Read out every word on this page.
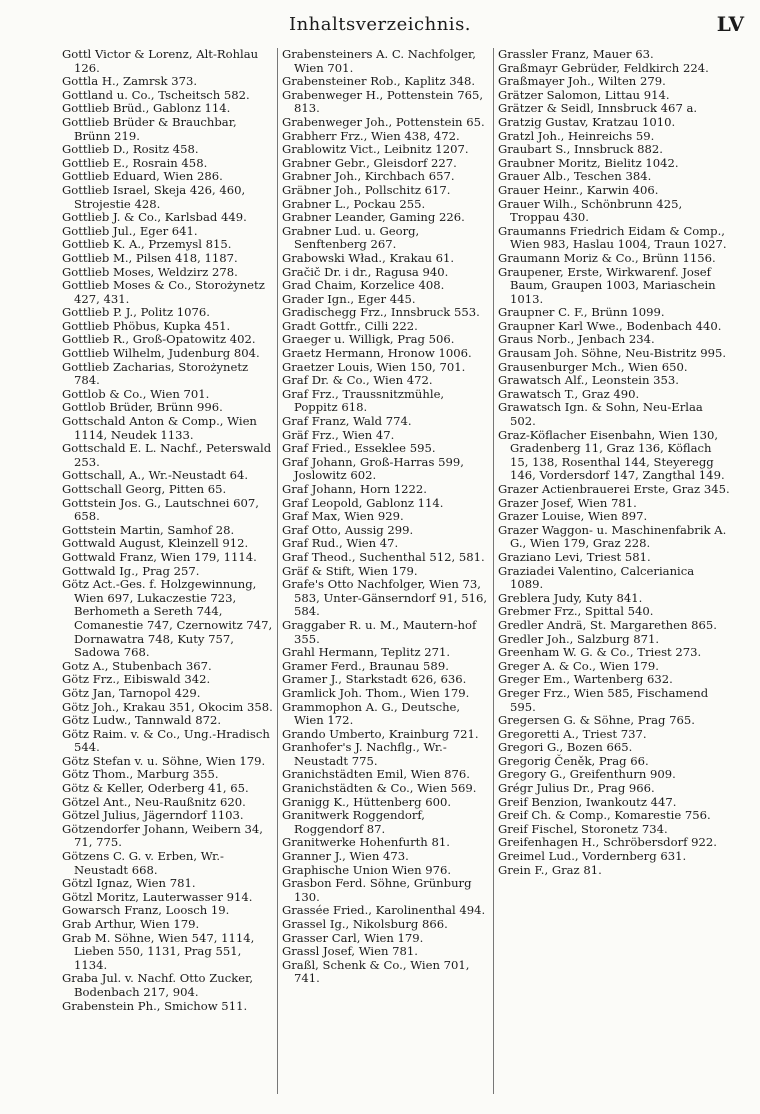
Inhaltsverzeichnis.	LV

Gottl Victor & Lorenz, Alt-Rohlau 126.

Gottla H., Zamrsk 373.

Gottland u. Co., Tscheitsch 582.

Gottlieb Brüd., Gablonz 114.

Gottlieb Brüder & Brauchbar, Brünn 219.

Gottlieb D., Rositz 458.

Gottlieb E., Rosrain 458.

Gottlieb Eduard, Wien 286.

Gottlieb Israel, Skeja 426, 460, Strojestie 428.

Gottlieb J. & Co., Karlsbad 449.

Gottlieb Jul., Eger 641.

Gottlieb K. A., Przemysl 815.

Gottlieb M., Pilsen 418, 1187.

Gottlieb Moses, Weldzirz 278.

Gottlieb Moses & Co., Storożynetz 427, 431.

Gottlieb P. J., Politz 1076.

Gottlieb Phöbus, Kupka 451.

Gottlieb R., Groß-Opatowitz 402.

Gottlieb Wilhelm, Judenburg 804.

Gottlieb Zacharias, Storożynetz 784.

Gottlob & Co., Wien 701.

Gottlob Brüder, Brünn 996.

Gottschald Anton & Comp., Wien 1114, Neudek 1133.

Gottschald E. L. Nachf., Peterswald 253.

Gottschall, A., Wr.-Neustadt 64.

Gottschall Georg, Pitten 65.

Gottstein Jos. G., Lautschnei 607, 658.

Gottstein Martin, Samhof 28.

Gottwald August, Kleinzell 912.

Gottwald Franz, Wien 179, 1114.

Gottwald Ig., Prag 257.

Götz Act.-Ges. f. Holzgewinnung, Wien 697, Lukaczestie 723, Berhometh a Sereth 744, Comanestie 747, Czernowitz 747, Dornawatra 748, Kuty 757, Sadowa 768.

Gotz A., Stubenbach 367.

Götz Frz., Eibiswald 342.

Götz Jan, Tarnopol 429.

Götz Joh., Krakau 351, Okocim 358.

Götz Ludw., Tannwald 872.

Götz Raim. v. & Co., Ung.-Hradisch 544.

Götz Stefan v. u. Söhne, Wien 179.

Götz Thom., Marburg 355.

Götz & Keller, Oderberg 41, 65.

Götzel Ant., Neu-Raußnitz 620.

Götzel Julius, Jägerndorf 1103.

Götzendorfer Johann, Weibern 34, 71, 775.

Götzens C. G. v. Erben, Wr.-Neustadt 668.

Götzl Ignaz, Wien 781.

Götzl Moritz, Lauterwasser 914.

Gowarsch Franz, Loosch 19.

Grab Arthur, Wien 179.

Grab M. Söhne, Wien 547, 1114, Lieben 550, 1131, Prag 551, 1134.

Graba Jul. v. Nachf. Otto Zucker, Bodenbach 217, 904.

Grabenstein Ph., Smichow 511.

Grabensteiners A. C. Nachfolger, Wien 701.

Grabensteiner Rob., Kaplitz 348.

Grabenweger H., Pottenstein 765, 813.

Grabenweger Joh., Pottenstein 65.

Grabherr Frz., Wien 438, 472.

Grablowitz Vict., Leibnitz 1207.

Grabner Gebr., Gleisdorf 227.

Grabner Joh., Kirchbach 657.

Gräbner Joh., Pollschitz 617.

Grabner L., Pockau 255.

Grabner Leander, Gaming 226.

Grabner Lud. u. Georg, Senftenberg 267.

Grabowski Wład., Krakau 61.

Gračič Dr. i dr., Ragusa 940.

Grad Chaim, Korzelice 408.

Grader Ign., Eger 445.

Gradischegg Frz., Innsbruck 553.

Gradt Gottfr., Cilli 222.

Graeger u. Willigk, Prag 506.

Graetz Hermann, Hronow 1006.

Graetzer Louis, Wien 150, 701.

Graf Dr. & Co., Wien 472.

Graf Frz., Traussnitzmühle, Poppitz 618.

Graf Franz, Wald 774.

Gräf Frz., Wien 47.

Graf Fried., Esseklee 595.

Graf Johann, Groß-Harras 599, Joslowitz 602.

Graf Johann, Horn 1222.

Graf Leopold, Gablonz 114.

Graf Max, Wien 929.

Graf Otto, Aussig 299.

Graf Rud., Wien 47.

Graf Theod., Suchenthal 512, 581.

Gräf & Stift, Wien 179.

Grafe's Otto Nachfolger, Wien 73, 583, Unter-Gänserndorf 91, 516, 584.

Graggaber R. u. M., Mautern-hof 355.

Grahl Hermann, Teplitz 271.

Gramer Ferd., Braunau 589.

Gramer J., Starkstadt 626, 636.

Gramlick Joh. Thom., Wien 179.

Grammophon A. G., Deutsche, Wien 172.

Grando Umberto, Krainburg 721.

Granhofer's J. Nachflg., Wr.-Neustadt 775.

Granichstädten Emil, Wien 876.

Granichstädten & Co., Wien 569.

Granigg K., Hüttenberg 600.

Granitwerk Roggendorf, Roggendorf 87.

Granitwerke Hohenfurth 81.

Granner J., Wien 473.

Graphische Union Wien 976.

Grasbon Ferd. Söhne, Grünburg 130.

Grassée Fried., Karolinenthal 494.

Grassel Ig., Nikolsburg 866.

Grasser Carl, Wien 179.

Grassl Josef, Wien 781.

Graßl, Schenk & Co., Wien 701, 741.

Grassler Franz, Mauer 63.

Graßmayr Gebrüder, Feldkirch 224.

Graßmayer Joh., Wilten 279.

Grätzer Salomon, Littau 914.

Grätzer & Seidl, Innsbruck 467 a.

Gratzig Gustav, Kratzau 1010.

Gratzl Joh., Heinreichs 59.

Graubart S., Innsbruck 882.

Graubner Moritz, Bielitz 1042.

Grauer Alb., Teschen 384.

Grauer Heinr., Karwin 406.

Grauer Wilh., Schönbrunn 425, Troppau 430.

Graumanns Friedrich Eidam & Comp., Wien 983, Haslau 1004, Traun 1027.

Graumann Moriz & Co., Brünn 1156.

Graupener, Erste, Wirkwarenf. Josef Baum, Graupen 1003, Mariaschein 1013.

Graupner C. F., Brünn 1099.

Graupner Karl Wwe., Bodenbach 440.

Graus Norb., Jenbach 234.

Grausam Joh. Söhne, Neu-Bistritz 995.

Grausenburger Mch., Wien 650.

Grawatsch Alf., Leonstein 353.

Grawatsch T., Graz 490.

Grawatsch Ign. & Sohn, Neu-Erlaa 502.

Graz-Köflacher Eisenbahn, Wien 130, Gradenberg 11, Graz 136, Köflach 15, 138, Rosenthal 144, Steyeregg 146, Vordersdorf 147, Zangthal 149.

Grazer Actienbrauerei Erste, Graz 345.

Grazer Josef, Wien 781.

Grazer Louise, Wien 897.

Grazer Waggon- u. Maschinenfabrik A. G., Wien 179, Graz 228.

Graziano Levi, Triest 581.

Graziadei Valentino, Calcerianica 1089.

Greblera Judy, Kuty 841.

Grebmer Frz., Spittal 540.

Gredler Andrä, St. Margarethen 865.

Gredler Joh., Salzburg 871.

Greenham W. G. & Co., Triest 273.

Greger A. & Co., Wien 179.

Greger Em., Wartenberg 632.

Greger Frz., Wien 585, Fischamend 595.

Gregersen G. & Söhne, Prag 765.

Gregoretti A., Triest 737.

Gregori G., Bozen 665.

Gregorig Čeněk, Prag 66.

Gregory G., Greifenthurn 909.

Grégr Julius Dr., Prag 966.

Greif Benzion, Iwankoutz 447.

Greif Ch. & Comp., Komarestie 756.

Greif Fischel, Storonetz 734.

Greifenhagen H., Schröbersdorf 922.

Greimel Lud., Vordernberg 631.

Grein F., Graz 81.
